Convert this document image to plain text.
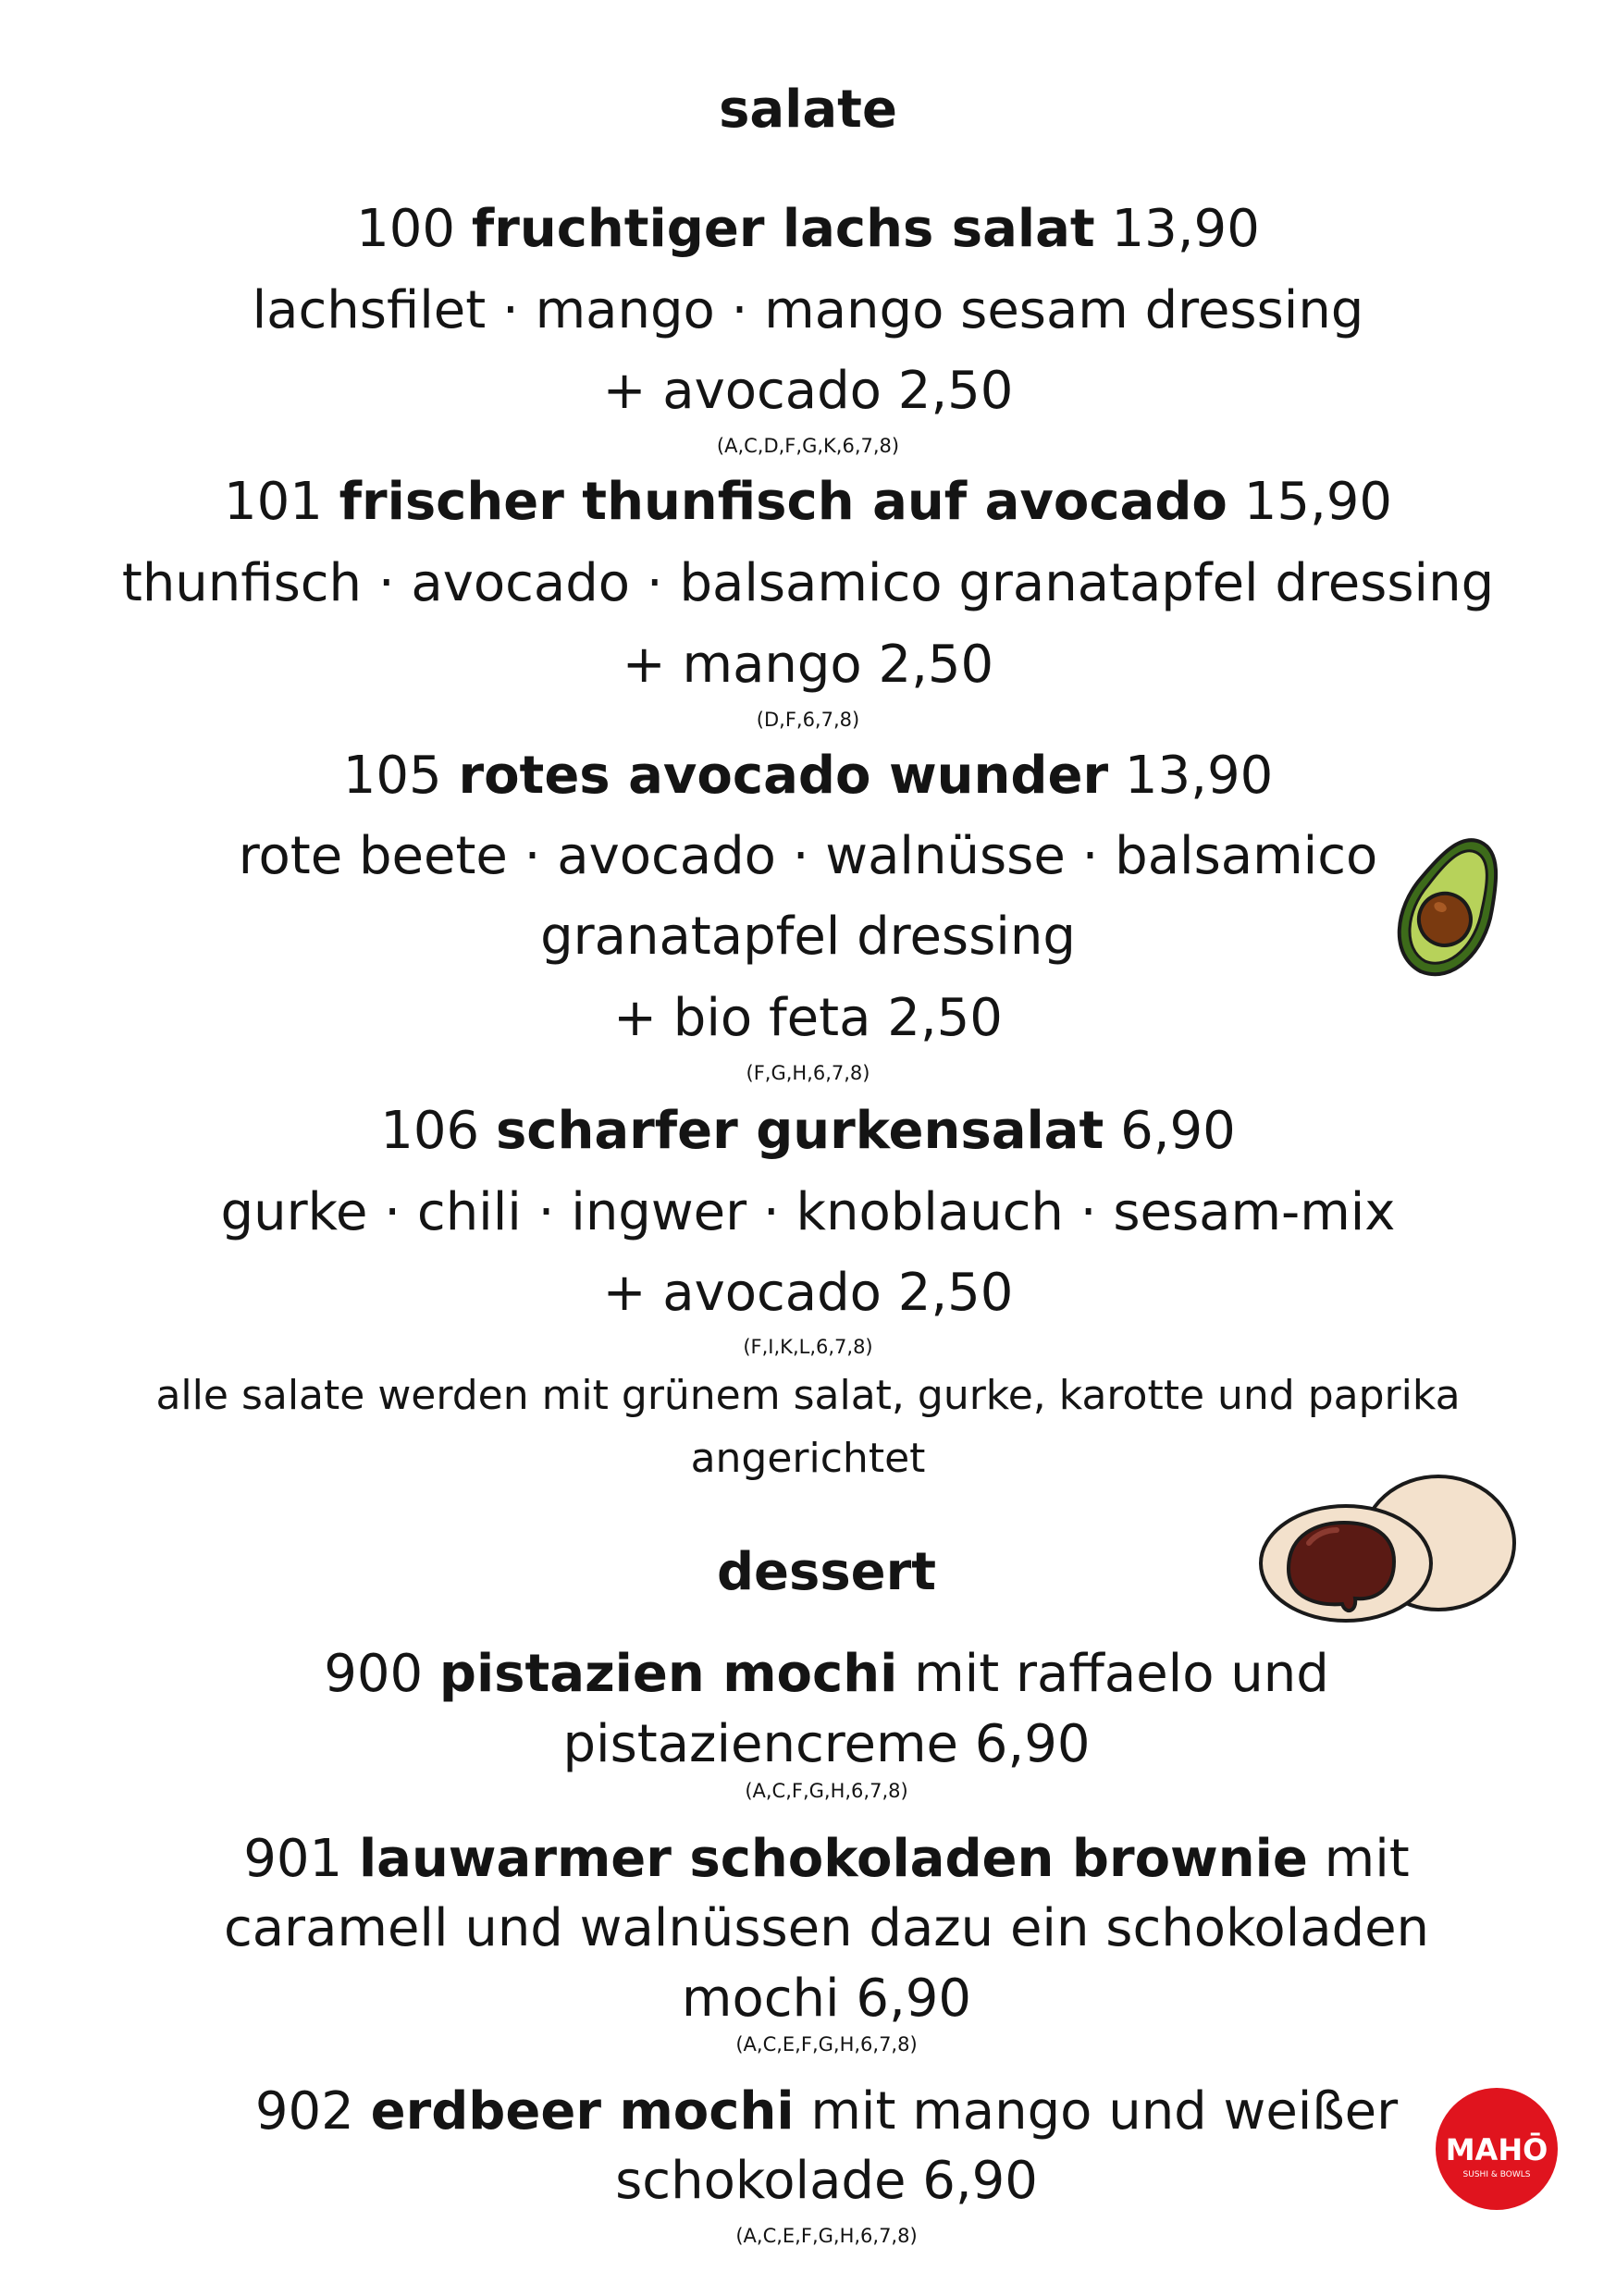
salate
100 fruchtiger lachs salat 13,90
lachsfilet · mango · mango sesam dressing
+ avocado 2,50
(A,C,D,F,G,K,6,7,8)
101 frischer thunfisch auf avocado 15,90
thunfisch · avocado · balsamico granatapfel dressing
+ mango 2,50
(D,F,6,7,8)
105 rotes avocado wunder 13,90
rote beete · avocado · walnüsse · balsamico
granatapfel dressing
+ bio feta 2,50
(F,G,H,6,7,8)
106 scharfer gurkensalat 6,90
gurke · chili · ingwer · knoblauch · sesam-mix
+ avocado 2,50
(F,I,K,L,6,7,8)
alle salate werden mit grünem salat, gurke, karotte und paprika
angerichtet
dessert
900 pistazien mochi mit raffaelo und
pistaziencreme 6,90
(A,C,F,G,H,6,7,8)
901 lauwarmer schokoladen brownie mit
caramell und walnüssen dazu ein schokoladen
mochi 6,90
(A,C,E,F,G,H,6,7,8)
902 erdbeer mochi mit mango und weißer
schokolade 6,90
(A,C,E,F,G,H,6,7,8)
MAHŌ
SUSHI & BOWLS
